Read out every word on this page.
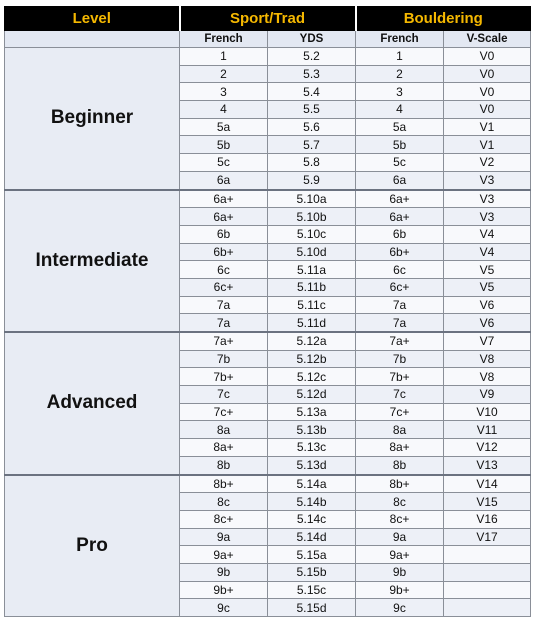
Level	Sport/Trad		Bouldering	
	French	YDS	French	V-Scale
Beginner	1	5.2	1	V0
	2	5.3	2	V0
	3	5.4	3	V0
	4	5.5	4	V0
	5a	5.6	5a	V1
	5b	5.7	5b	V1
	5c	5.8	5c	V2
	6a	5.9	6a	V3
Intermediate	6a+	5.10a	6a+	V3
	6a+	5.10b	6a+	V3
	6b	5.10c	6b	V4
	6b+	5.10d	6b+	V4
	6c	5.11a	6c	V5
	6c+	5.11b	6c+	V5
	7a	5.11c	7a	V6
	7a	5.11d	7a	V6
Advanced	7a+	5.12a	7a+	V7
	7b	5.12b	7b	V8
	7b+	5.12c	7b+	V8
	7c	5.12d	7c	V9
	7c+	5.13a	7c+	V10
	8a	5.13b	8a	V11
	8a+	5.13c	8a+	V12
	8b	5.13d	8b	V13
Pro	8b+	5.14a	8b+	V14
	8c	5.14b	8c	V15
	8c+	5.14c	8c+	V16
	9a	5.14d	9a	V17
	9a+	5.15a	9a+	
	9b	5.15b	9b	
	9b+	5.15c	9b+	
	9c	5.15d	9c	
